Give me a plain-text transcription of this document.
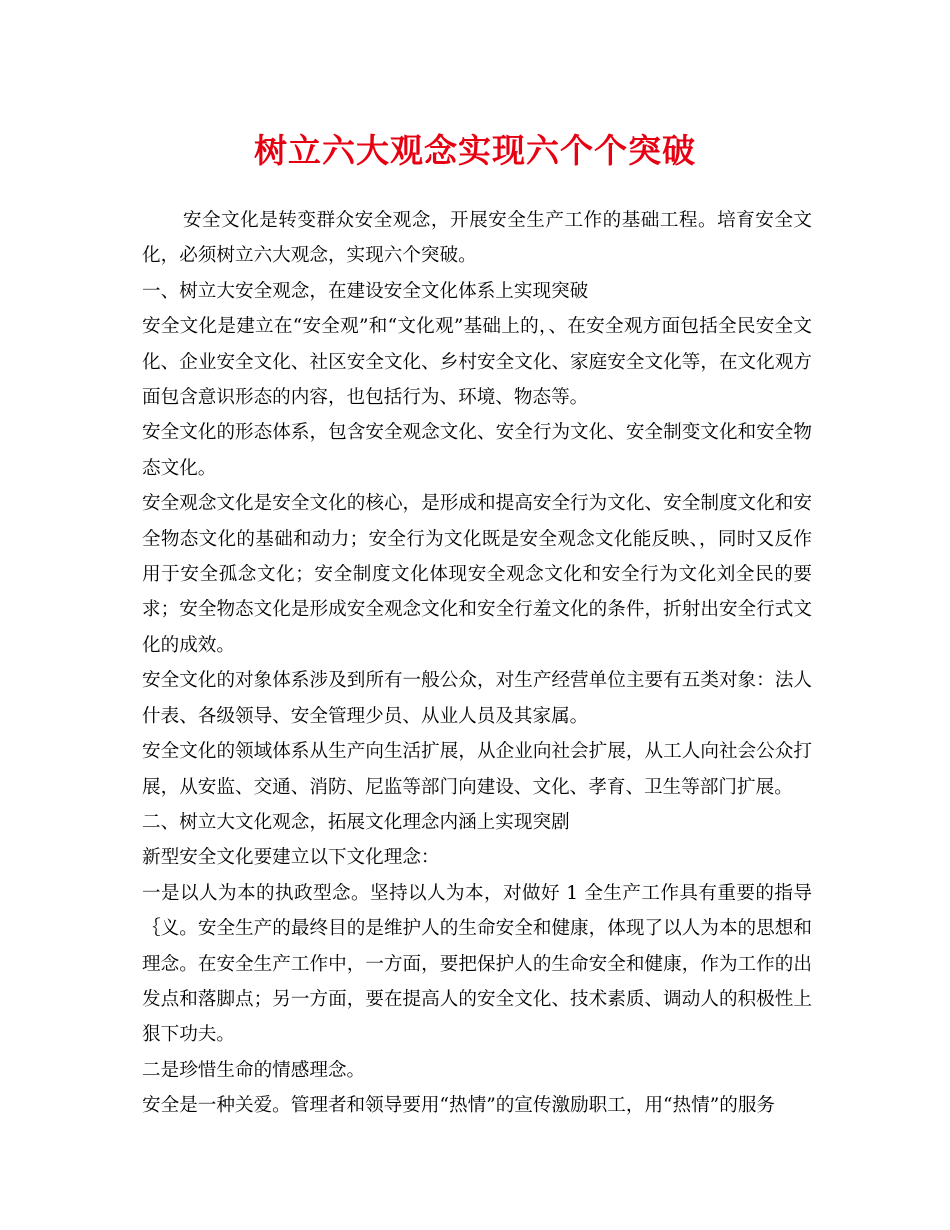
树立六大观念实现六个个突破

安全文化是转变群众安全观念，开展安全生产工作的基础工程。培育安全文化，必须树立六大观念，实现六个突破。

一、树立大安全观念，在建设安全文化体系上实现突破

安全文化是建立在“安全观”和“文化观”基础上的，、在安全观方面包括全民安全文化、企业安全文化、社区安全文化、乡村安全文化、家庭安全文化等，在文化观方面包含意识形态的内容，也包括行为、环境、物态等。

安全文化的形态体系，包含安全观念文化、安全行为文化、安全制变文化和安全物态文化。

安全观念文化是安全文化的核心，是形成和提高安全行为文化、安全制度文化和安全物态文化的基础和动力；安全行为文化既是安全观念文化能反映、，同时又反作用于安全孤念文化；安全制度文化体现安全观念文化和安全行为文化刘全民的要求；安全物态文化是形成安全观念文化和安全行羞文化的条件，折射出安全行式文化的成效。

安全文化的对象体系涉及到所有一般公众，对生产经营单位主要有五类对象：法人什表、各级领导、安全管理少员、从业人员及其家属。

安全文化的领域体系从生产向生活扩展，从企业向社会扩展，从工人向社会公众打展，从安监、交通、消防、尼监等部门向建设、文化、孝育、卫生等部门扩展。

二、树立大文化观念，拓展文化理念内涵上实现突剧

新型安全文化要建立以下文化理念：

一是以人为本的执政型念。坚持以人为本，对做好 1 全生产工作具有重要的指导｛义。安全生产的最终目的是维护人的生命安全和健康，体现了以人为本的思想和理念。在安全生产工作中，一方面，要把保护人的生命安全和健康，作为工作的出发点和落脚点；另一方面，要在提高人的安全文化、技术素质、调动人的积极性上狠下功夫。

二是珍惜生命的情感理念。

安全是一种关爱。管理者和领导要用“热情”的宣传激励职工，用“热情”的服务
